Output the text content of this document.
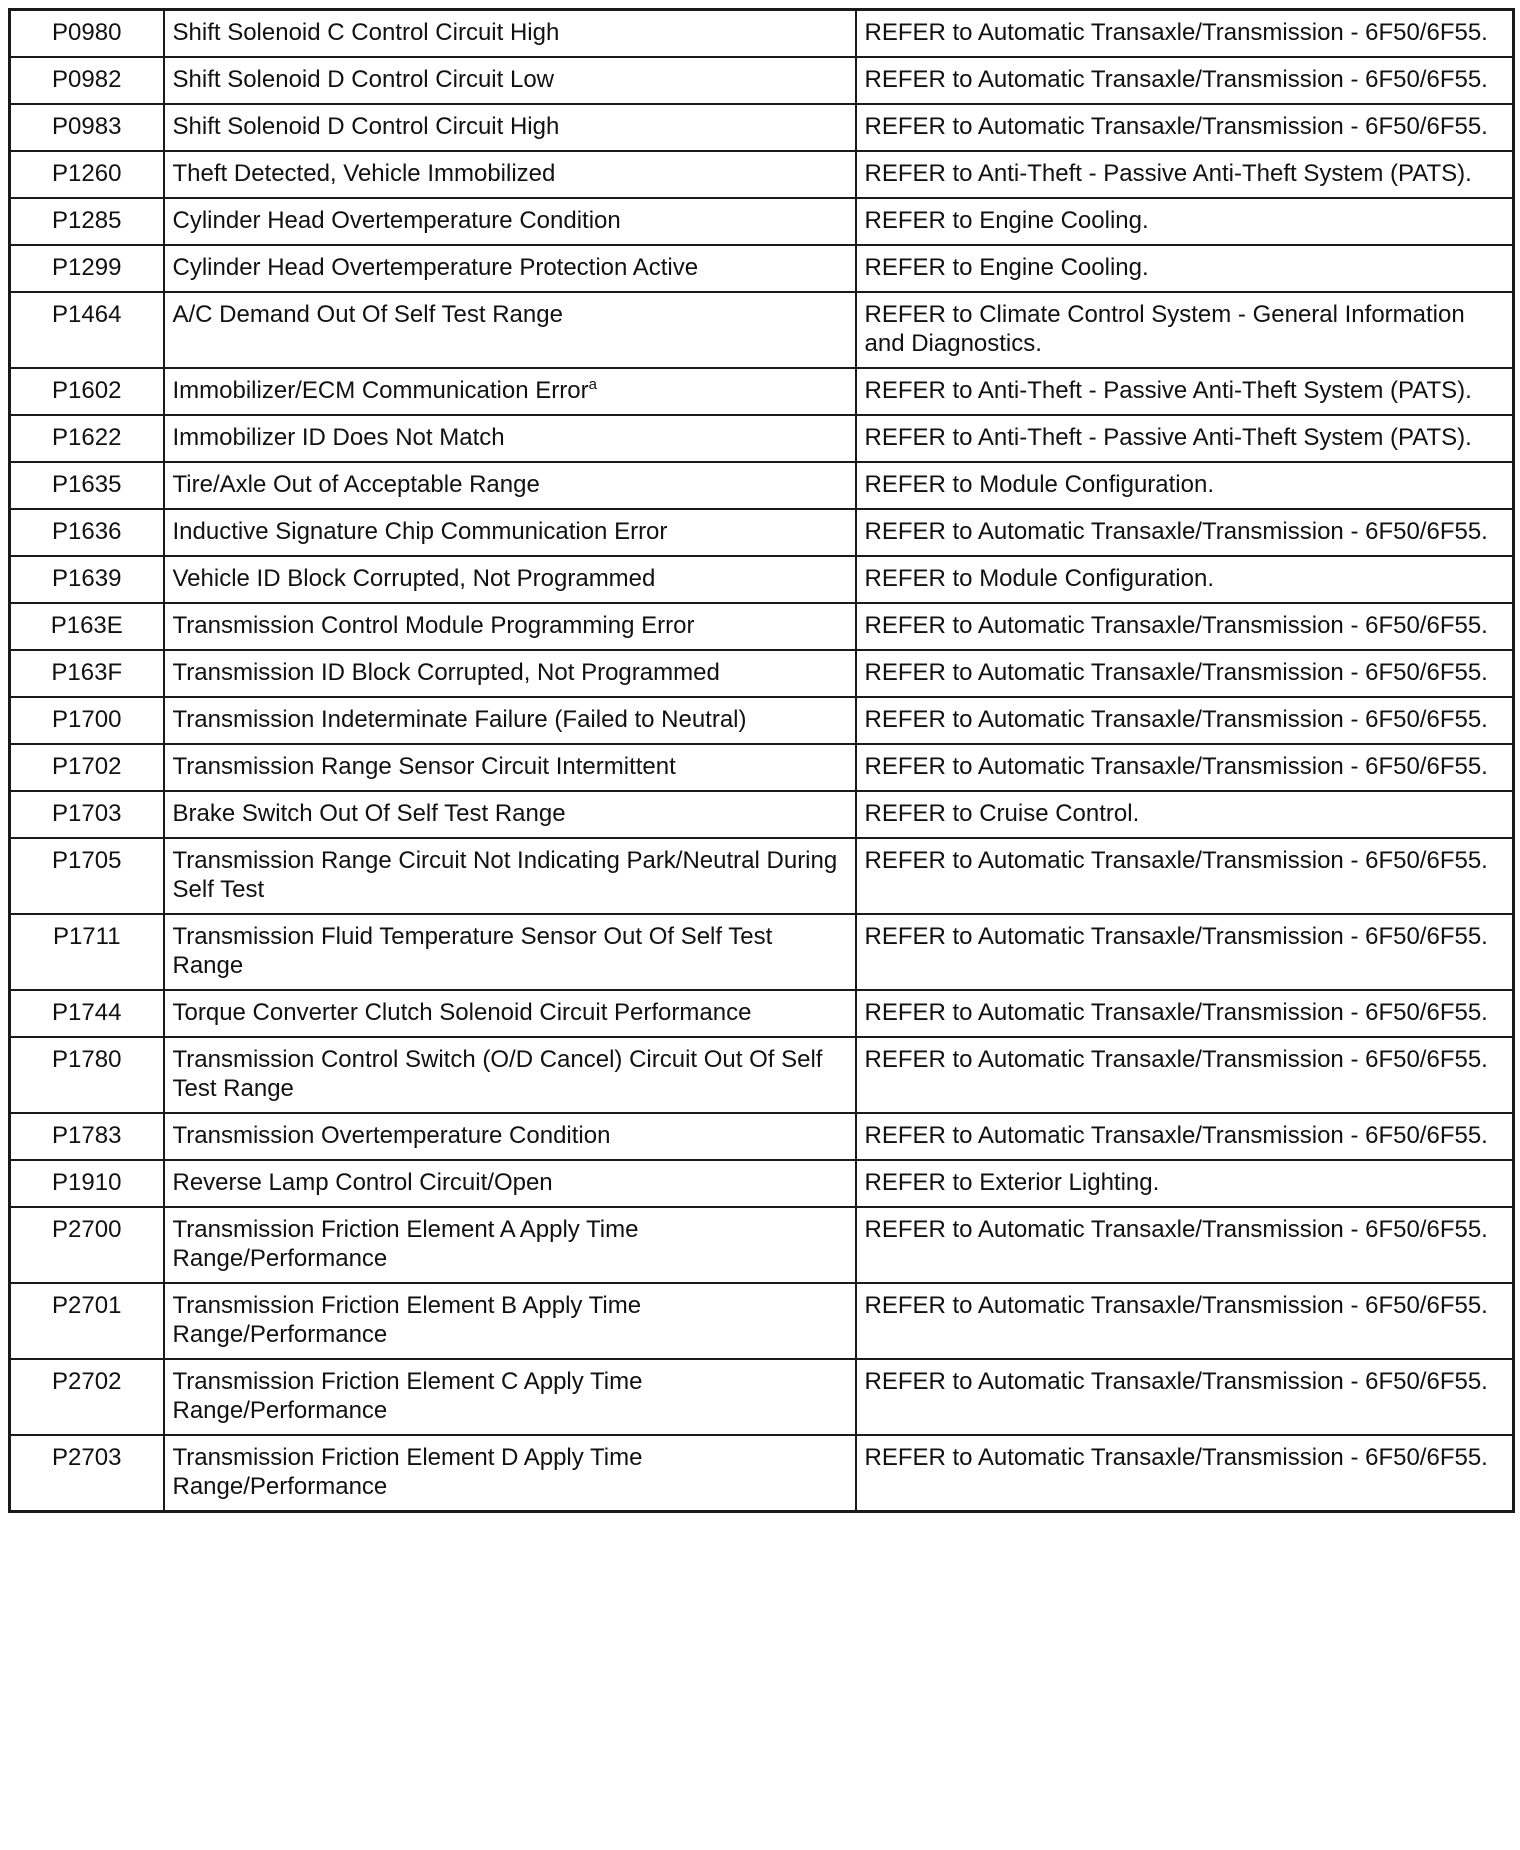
P0980	Shift Solenoid C Control Circuit High	REFER to Automatic Transaxle/Transmission - 6F50/6F55.
P0982	Shift Solenoid D Control Circuit Low	REFER to Automatic Transaxle/Transmission - 6F50/6F55.
P0983	Shift Solenoid D Control Circuit High	REFER to Automatic Transaxle/Transmission - 6F50/6F55.
P1260	Theft Detected, Vehicle Immobilized	REFER to Anti-Theft - Passive Anti-Theft System (PATS).
P1285	Cylinder Head Overtemperature Condition	REFER to Engine Cooling.
P1299	Cylinder Head Overtemperature Protection Active	REFER to Engine Cooling.
P1464	A/C Demand Out Of Self Test Range	REFER to Climate Control System - General Information and Diagnostics.
P1602	Immobilizer/ECM Communication Error$^a$	REFER to Anti-Theft - Passive Anti-Theft System (PATS).
P1622	Immobilizer ID Does Not Match	REFER to Anti-Theft - Passive Anti-Theft System (PATS).
P1635	Tire/Axle Out of Acceptable Range	REFER to Module Configuration.
P1636	Inductive Signature Chip Communication Error	REFER to Automatic Transaxle/Transmission - 6F50/6F55.
P1639	Vehicle ID Block Corrupted, Not Programmed	REFER to Module Configuration.
P163E	Transmission Control Module Programming Error	REFER to Automatic Transaxle/Transmission - 6F50/6F55.
P163F	Transmission ID Block Corrupted, Not Programmed	REFER to Automatic Transaxle/Transmission - 6F50/6F55.
P1700	Transmission Indeterminate Failure (Failed to Neutral)	REFER to Automatic Transaxle/Transmission - 6F50/6F55.
P1702	Transmission Range Sensor Circuit Intermittent	REFER to Automatic Transaxle/Transmission - 6F50/6F55.
P1703	Brake Switch Out Of Self Test Range	REFER to Cruise Control.
P1705	Transmission Range Circuit Not Indicating Park/Neutral During Self Test	REFER to Automatic Transaxle/Transmission - 6F50/6F55.
P1711	Transmission Fluid Temperature Sensor Out Of Self Test Range	REFER to Automatic Transaxle/Transmission - 6F50/6F55.
P1744	Torque Converter Clutch Solenoid Circuit Performance	REFER to Automatic Transaxle/Transmission - 6F50/6F55.
P1780	Transmission Control Switch (O/D Cancel) Circuit Out Of Self Test Range	REFER to Automatic Transaxle/Transmission - 6F50/6F55.
P1783	Transmission Overtemperature Condition	REFER to Automatic Transaxle/Transmission - 6F50/6F55.
P1910	Reverse Lamp Control Circuit/Open	REFER to Exterior Lighting.
P2700	Transmission Friction Element A Apply Time Range/Performance	REFER to Automatic Transaxle/Transmission - 6F50/6F55.
P2701	Transmission Friction Element B Apply Time Range/Performance	REFER to Automatic Transaxle/Transmission - 6F50/6F55.
P2702	Transmission Friction Element C Apply Time Range/Performance	REFER to Automatic Transaxle/Transmission - 6F50/6F55.
P2703	Transmission Friction Element D Apply Time Range/Performance	REFER to Automatic Transaxle/Transmission - 6F50/6F55.
